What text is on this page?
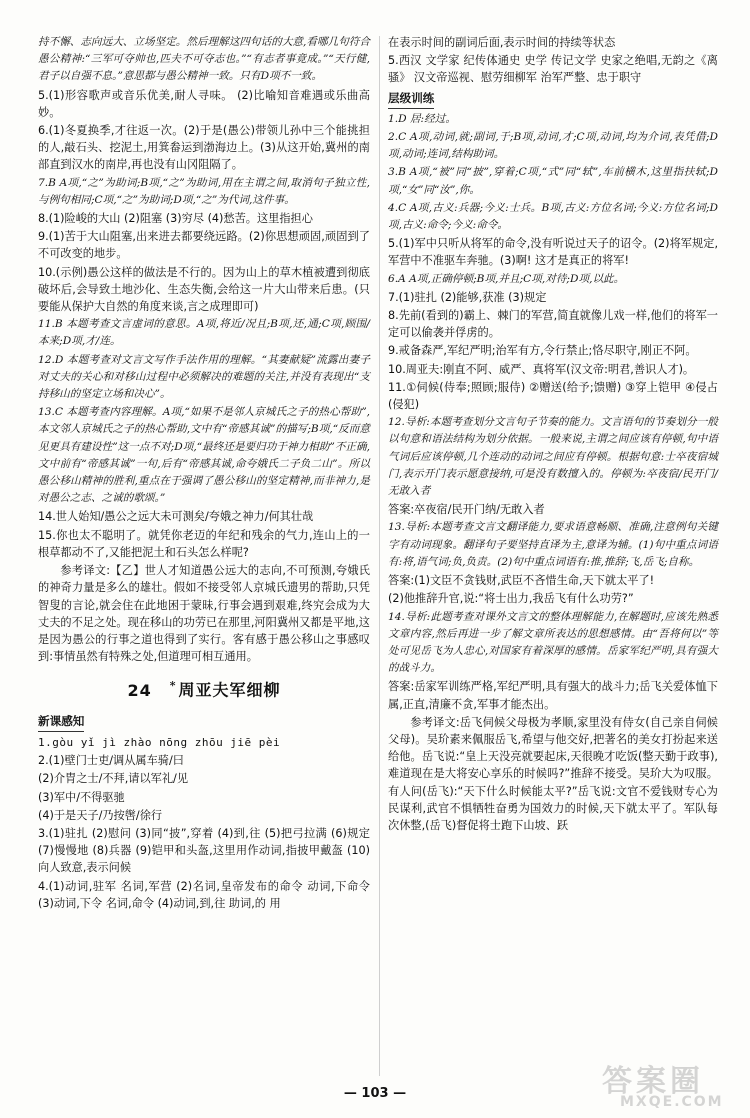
持不懈、志向远大、立场坚定。然后理解这四句话的大意,看哪几句符合愚公精神:“三军可夺帅也,匹夫不可夺志也。”“有志者事竟成。”“天行健,君子以自强不息。”意思都与愚公精神一致。只有D项不一致。

5.(1)形容歌声或音乐优美,耐人寻味。 (2)比喻知音难遇或乐曲高妙。

6.(1)冬夏换季,才往返一次。(2)于是(愚公)带领儿孙中三个能挑担的人,敲石头、挖泥土,用箕畚运到渤海边上。(3)从这开始,冀州的南部直到汉水的南岸,再也没有山冈阻隔了。

7.B A项,“之”为助词;B项,“之”为助词,用在主谓之间,取消句子独立性,与例句相同;C项,“之”为助词;D项,“之”为代词,这件事。

8.(1)险峻的大山 (2)阻塞 (3)穷尽 (4)愁苦。这里指担心

9.(1)苦于大山阻塞,出来进去都要绕远路。(2)你思想顽固,顽固到了不可改变的地步。

10.(示例)愚公这样的做法是不行的。因为山上的草木植被遭到彻底破坏后,会导致土地沙化、生态失衡,会给这一片大山带来后患。(只要能从保护大自然的角度来谈,言之成理即可)

11.B 本题考查文言虚词的意思。A项,将近/况且;B项,还,通;C项,顾围/本来;D项,才/连。

12.D 本题考查对文言文写作手法作用的理解。“其妻献疑”流露出妻子对丈夫的关心和对移山过程中必须解决的难题的关注,并没有表现出“支持移山的坚定立场和决心”。

13.C 本题考查内容理解。A项,“如果不是邻人京城氏之子的热心帮助”,本文邻人京城氏之子的热心帮助,文中有“帝感其诚”的描写;B项,“反而意见更具有建设性”这一点不对;D项,“最终还是要归功于神力相助”不正确,文中前有“帝感其诚”一句,后有“帝感其诚,命夸娥氏二子负二山”。所以愚公移山精神的胜利,重点在于强调了愚公移山的坚定精神,而非神力,是对愚公之志、之诚的歌颂。”

14.世人始知/愚公之远大未可测矣/夸娥之神力/何其壮哉

15.你也太不聪明了。就凭你老迈的年纪和残余的气力,连山上的一根草都动不了,又能把泥土和石头怎么样呢?

参考译文:【乙】世人才知道愚公远大的志向,不可预测,夸娥氏的神奇力量是多么的雄壮。假如不接受邻人京城氏遗男的帮助,只凭智叟的言论,就会住在此地困于蒙昧,行事会遇到艰难,终究会成为大丈夫的不足之处。现在移山的功劳已在那里,河阳冀州又都是平地,这是因为愚公的行事之道也得到了实行。客有感于愚公移山之事感叹到:事情虽然有特殊之处,但道理可相互通用。

24 * 周亚夫军细柳
新课感知

1.gòu yǐ jì zhào nōng zhōu jiē pèi

2.(1)壁门士吏/调从属车骑/曰

(2)介胄之士/不拜,请以军礼/见

(3)军中/不得驱驰

(4)于是天子/乃按辔/徐行

3.(1)驻扎 (2)慰问 (3)同“披”,穿着 (4)到,往 (5)把弓拉满 (6)规定 (7)慢慢地 (8)兵器 (9)铠甲和头盔,这里用作动词,指披甲戴盔 (10)向人致意,表示问候

4.(1)动词,驻军 名词,军营 (2)名词,皇帝发布的命令 动词,下命令 (3)动词,下令 名词,命令 (4)动词,到,往 助词,的 用

在表示时间的副词后面,表示时间的持续等状态

5.西汉 文学家 纪传体通史 史学 传记文学 史家之绝唱,无韵之《离骚》 汉文帝巡视、慰劳细柳军 治军严整、忠于职守

层级训练

1.D 居:经过。

2.C A项,动词,就;副词,于;B项,动词,才;C项,动词,均为介词,表凭借;D项,动词;连词,结构助词。

3.B A项,“被”同“披”,穿着;C项,“式”同“轼”,车前横木,这里指扶轼;D项,“女”同“汝”,你。

4.C A项,古义:兵器;今义:士兵。B项,古义:方位名词;今义:方位名词;D项,古义:命令;今义:命令。

5.(1)军中只听从将军的命令,没有听说过天子的诏令。(2)将军规定,军营中不准驱车奔驰。(3)啊! 这才是真正的将军!

6.A A项,正确停顿;B项,并且;C项,对待;D项,以此。

7.(1)驻扎 (2)能够,获准 (3)规定

8.先前(看到的)霸上、棘门的军营,简直就像儿戏一样,他们的将军一定可以偷袭并俘虏的。

9.戒备森严,军纪严明;治军有方,令行禁止;恪尽职守,刚正不阿。

10.周亚夫:刚直不阿、威严、真将军(汉文帝:明君,善识人才)。

11.①伺候(侍奉;照顾;服侍) ②赠送(给予;馈赠) ③穿上铠甲 ④侵占(侵犯)

12.导析:本题考查划分文言句子节奏的能力。文言语句的节奏划分一般以句意和语法结构为划分依据。一般来说,主谓之间应该有停顿,句中语气词后应该停顿,几个连动的动词之间应有停顿。根据句意:士卒夜宿城门,表示开门表示愿意接纳,可是没有数擅入的。停顿为:卒夜宿/民开门/无敢入者

答案:卒夜宿/民开门纳/无敢入者

13.导析:本题考查文言文翻译能力,要求语意畅顺、准确,注意例句关键字有动词现象。翻译句子要坚持直译为主,意译为辅。(1)句中重点词语有:将,语气词;负,负责。(2)句中重点词语有:推,推辞;飞,岳飞;自称。

答案:(1)文臣不贪钱财,武臣不吝惜生命,天下就太平了!

(2)他推辞升官,说:“将士出力,我岳飞有什么功劳?”

14.导析:此题考查对课外文言文的整体理解能力,在解题时,应该先熟悉文章内容,然后再进一步了解文章所表达的思想感情。由“吾将何以”等处可见岳飞为人忠心,对国家有着深厚的感情。岳家军纪严明,具有强大的战斗力。

答案:岳家军训练严格,军纪严明,具有强大的战斗力;岳飞关爱体恤下属,正直,清廉不贪,军事才能杰出。

参考译文:岳飞伺候父母极为孝顺,家里没有侍女(自己亲自伺候父母)。吴玠素来佩服岳飞,希望与他交好,把著名的美女打扮起来送给他。岳飞说:“皇上天没亮就要起床,天很晚才吃饭(整天勤于政事),难道现在是大将安心享乐的时候吗?”推辞不接受。吴玠大为叹服。有人问(岳飞):“天下什么时候能太平?”岳飞说:文官不爱钱财专心为民谋利,武官不惧牺牲奋勇为国效力的时候,天下就太平了。军队每次休整,(岳飞)督促将士跑下山坡、跃

— 103 —	答案圈
MXQE.COM
